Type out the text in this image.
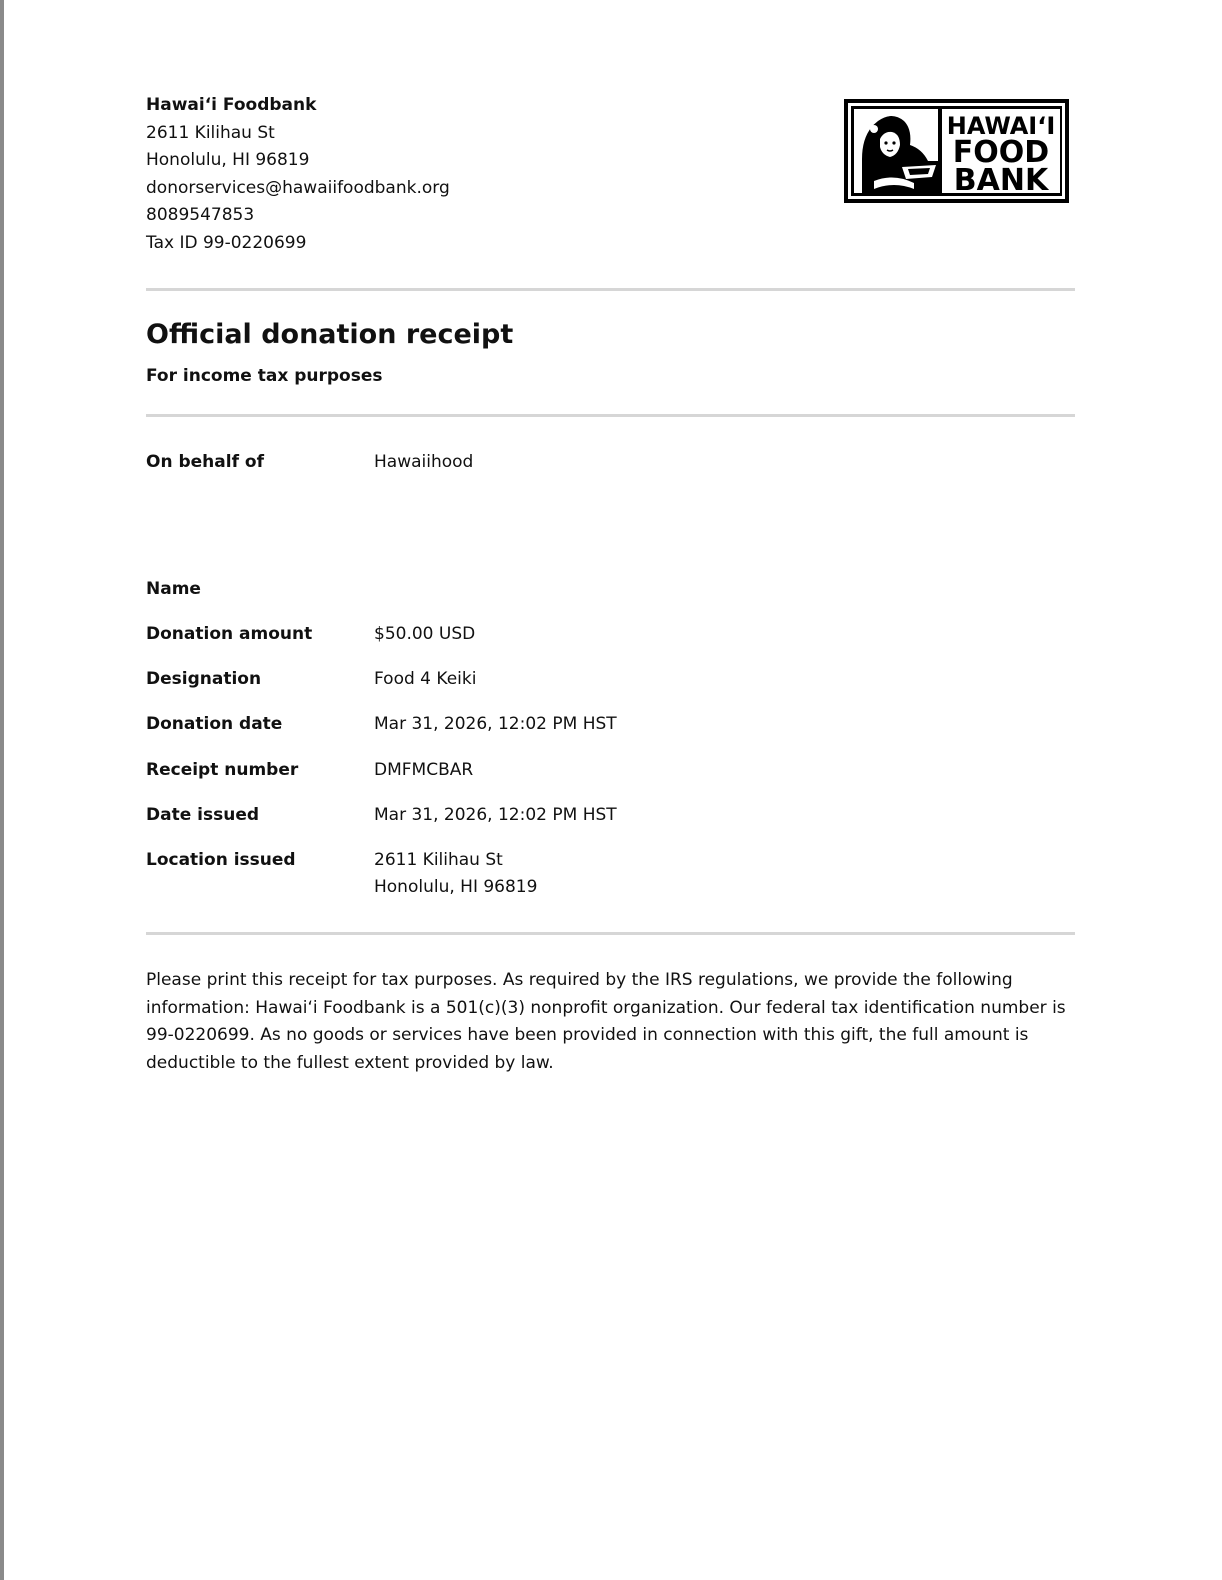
Hawai‘i Foodbank
2611 Kilihau St
Honolulu, HI 96819
donorservices@hawaiifoodbank.org
8089547853
Tax ID 99-0220699
HAWAI‘I
FOOD
BANK
Official donation receipt
For income tax purposes
On behalf of	Hawaiihood
Name
Donation amount	$50.00 USD
Designation	Food 4 Keiki
Donation date	Mar 31, 2026, 12:02 PM HST
Receipt number	DMFMCBAR
Date issued	Mar 31, 2026, 12:02 PM HST
Location issued	2611 Kilihau St
Honolulu, HI 96819
Please print this receipt for tax purposes. As required by the IRS regulations, we provide the following information: Hawai‘i Foodbank is a 501(c)(3) nonprofit organization. Our federal tax identification number is 99-0220699. As no goods or services have been provided in connection with this gift, the full amount is deductible to the fullest extent provided by law.
